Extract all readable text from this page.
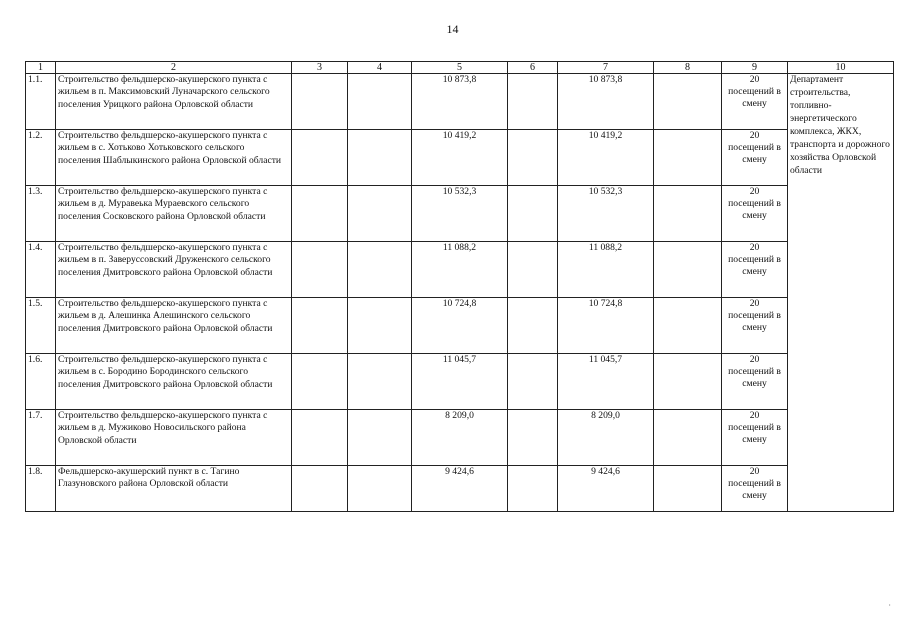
14
1	2	3	4	5	6	7	8	9	10
1.1.	Строительство фельдшерско-акушерского пункта с жильем в п. Максимовский Луначарского сельского поселения Урицкого района Орловской области			10 873,8		10 873,8		20
посещений в смену	Департамент строительства, топливно-энергетического комплекса, ЖКХ, транспорта и дорожного хозяйства Орловской области
1.2.	Строительство фельдшерско-акушерского пункта с жильем в с. Хотьково Хотьковского сельского поселения Шаблыкинского района Орловской области			10 419,2		10 419,2		20
посещений в смену	

1.3.	Строительство фельдшерско-акушерского пункта с жильем в д. Муравеька Мураевского сельского поселения Сосковского района Орловской области			10 532,3		10 532,3		20
посещений в смену	

1.4.	Строительство фельдшерско-акушерского пункта с жильем в п. Заверуссовский Друженского сельского поселения Дмитровского района Орловской области			11 088,2		11 088,2		20
посещений в смену	

1.5.	Строительство фельдшерско-акушерского пункта с жильем в д. Алешинка Алешинского сельского поселения Дмитровского района Орловской области			10 724,8		10 724,8		20
посещений в смену	

1.6.	Строительство фельдшерско-акушерского пункта с жильем в с. Бородино Бородинского сельского поселения Дмитровского района Орловской области			11 045,7		11 045,7		20
посещений в смену	

1.7.	Строительство фельдшерско-акушерского пункта с жильем в д. Мужиково Новосильского района Орловской области			8 209,0		8 209,0		20
посещений в смену	

1.8.	Фельдшерско-акушерский пункт в с. Тагино Глазуновского района Орловской области			9 424,6		9 424,6		20
посещений в смену	
·
